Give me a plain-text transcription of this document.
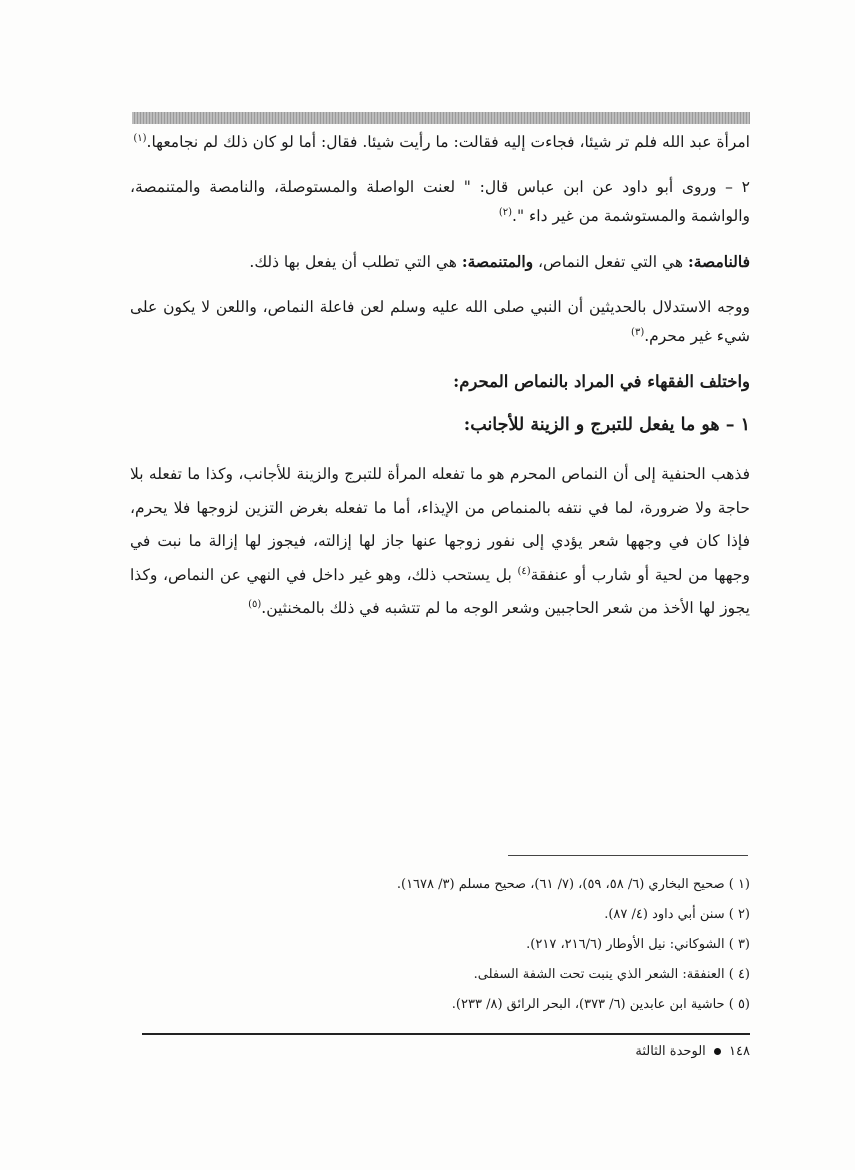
امرأة عبد الله فلم تر شيئا، فجاءت إليه فقالت: ما رأيت شيئا. فقال: أما لو كان ذلك لم نجامعها.$^{(١)}$

٢ – وروى أبو داود عن ابن عباس قال: " لعنت الواصلة والمستوصلة، والنامصة والمتنمصة، والواشمة والمستوشمة من غير داء ".$^{(٢)}$

فالنامصة: هي التي تفعل النماص، والمتنمصة: هي التي تطلب أن يفعل بها ذلك.

ووجه الاستدلال بالحديثين أن النبي صلى الله عليه وسلم لعن فاعلة النماص، واللعن لا يكون على شيء غير محرم.$^{(٣)}$

واختلف الفقهاء في المراد بالنماص المحرم:

١ – هو ما يفعل للتبرج و الزينة للأجانب:

فذهب الحنفية إلى أن النماص المحرم هو ما تفعله المرأة للتبرج والزينة للأجانب، وكذا ما تفعله بلا حاجة ولا ضرورة، لما في نتفه بالمنماص من الإيذاء، أما ما تفعله بغرض التزين لزوجها فلا يحرم، فإذا كان في وجهها شعر يؤدي إلى نفور زوجها عنها جاز لها إزالته، فيجوز لها إزالة ما نبت في وجهها من لحية أو شارب أو عنفقة$^{(٤)}$ بل يستحب ذلك، وهو غير داخل في النهي عن النماص، وكذا يجوز لها الأخذ من شعر الحاجبين وشعر الوجه ما لم تتشبه في ذلك بالمخنثين.$^{(٥)}$

(١ ) صحيح البخاري (٦/ ٥٨، ٥٩)، (٧/ ٦١)، صحيح مسلم (٣/ ١٦٧٨).

(٢ ) سنن أبي داود (٤/ ٨٧).

(٣ ) الشوكاني: نيل الأوطار (٢١٦/٦، ٢١٧).

(٤ ) العنفقة: الشعر الذي ينبت تحت الشفة السفلى.

(٥ ) حاشية ابن عابدين (٦/ ٣٧٣)، البحر الرائق (٨/ ٢٣٣).

١٤٨  الوحدة الثالثة
